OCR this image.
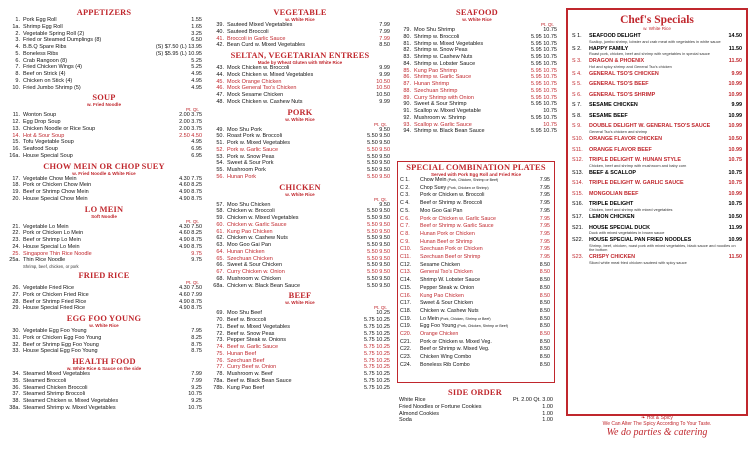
APPETIZERS
1. Pork Egg Roll	1.55
1a. Shrimp Egg Roll	1.65
2. Vegetable Spring Roll (2)	3.25
3. Fried or Steamed Dumplings (8)	6.50
4. B.B.Q Spare Ribs	(S) $7.50 (L) 13.95
5. Boneless Ribs	(S) $5.95 (L) 10.95
6. Crab Rangoon (8)	5.25
7. Fried Chicken Wings (4)	5.25
8. Beef on Strick (4)	4.95
9. Chicken on Stick (4)	4.95
10. Fried Jumbo Shrimp (5)	4.95
SOUP
w. Fried Noodle
Pt. Qt.
11. Wonton Soup	2.00 3.75
12. Egg Drop Soup	2.00 3.75
13. Chicken Noodle or Rice Soup	2.00 3.75
14. Hot & Sour Soup	2.50 4.50
15. Tofu Vegetable Soup	4.95
16. Seafood Soup	6.95
16a. House Special Soup	6.95
CHOW MEIN OR CHOP SUEY
w. Fried Noodle & White Rice
17. Vegetable Chow Mein	4.30 7.75
18. Pork or Chicken Chow Mein	4.60 8.25
19. Beef or Shrimp Chow Mein	4.90 8.75
20. House Special Chow Mein	4.90 8.75
LO MEIN
Soft Noodle
Pt. Qt.
21. Vegetable Lo Mein	4.30 7.50
22. Pork or Chicken Lo Mein	4.60 8.25
23. Beef or Shrimp Lo Mein	4.90 8.75
24. House Special Lo Mein	4.90 8.75
25. Singapore Thin Rice Noodle	9.75
25a. Thin Rice Noodle	9.75
Shrimp, beef, chicken, or pork
FRIED RICE
Pt. Qt.
26. Vegetable Fried Rice	4.30 7.50
27. Pork or Chicken Fried Rice	4.60 7.99
28. Beef or Shrimp Fried Rice	4.90 8.75
29. House Special Fried Rice	4.90 8.75
EGG FOO YOUNG
w. White Rice
30. Vegetable Egg Foo Young	7.95
31. Pork or Chicken Egg Foo Young	8.25
32. Beef or Shrimp Egg Foo Young	8.75
33. House Special Egg Foo Young	8.75
HEALTH FOOD
w. White Rice & Sauce on the side
34. Steamed Mixed Vegetables	7.99
35. Steamed Broccoli	7.99
36. Steamed Chicken Broccoli	9.25
37. Steamed Shrimp Broccoli	10.75
38. Steamed Chicken w. Mixed Vegetables	9.25
38a. Steamed Shrimp w. Mixed Vegetables	10.75
VEGETABLE
w. White Rice
39. Sauteed Mixed Vegetables	7.99
40. Sauteed Broccoli	7.99
41. Broccoli in Garlic Sauce	7.99
42. Bean Curd w. Mixed Vegetables	8.50
SELTAN, VEGETARIAN ENTREES
Made by Wheat Gluten with White Rice
43. Mock Chicken w. Broccoli	9.99
44. Mock Chicken w. Mixed Vegetables	9.99
45. Mock Orange Chicken	10.50
46. Mock General Tso's Chicken	10.50
47. Mock Sesame Chicken	10.50
48. Mock Chicken w. Cashew Nuts	9.99
PORK
w. White Rice
Pt. Qt.
49. Moo Shu Pork	9.50
50. Roast Pork w. Broccoli	5.50 9.50
51. Pork w. Mixed Vegetables	5.50 9.50
52. Pork w. Garlic Sauce	5.50 9.50
53. Pork w. Snow Peas	5.50 9.50
54. Sweet & Sour Pork	5.50 9.50
55. Mushroom Pork	5.50 9.50
56. Hunan Pork	5.50 9.50
CHICKEN
w. White Rice
Pt. Qt.
57. Moo Shu Chicken	9.50
58. Chicken w. Broccoli	5.50 9.50
59. Chicken w. Mixed Vegetables	5.50 9.50
60. Chicken w. Garlic Sauce	5.50 9.50
61. Kung Pao Chicken	5.50 9.50
62. Chicken w. Cashew Nuts	5.50 9.50
63. Moo Goo Gai Pan	5.50 9.50
64. Hunan Chicken	5.50 9.50
65. Szechuan Chicken	5.50 9.50
66. Sweet & Sour Chicken	5.50 9.50
67. Curry Chicken w. Onion	5.50 9.50
68. Mushroom w. Chicken	5.50 9.50
68a. Chicken w. Black Bean Sauce	5.50 9.50
BEEF
w. White Rice
Pt. Qt.
69. Moo Shu Beef	10.25
70. Beef w. Broccoli	5.75 10.25
71. Beef w. Mixed Vegetables	5.75 10.25
72. Beef w. Snow Peas	5.75 10.25
73. Pepper Steak w. Onions	5.75 10.25
74. Beef w. Garlic Sauce	5.75 10.25
75. Hunan Beef	5.75 10.25
76. Szechuan Beef	5.75 10.25
77. Curry Beef w. Onion	5.75 10.25
78. Mushroom w. Beef	5.75 10.25
78a. Beef w. Black Bean Sauce	5.75 10.25
78b. Kung Pao Beef	5.75 10.25
SEAFOOD
w. White Rice
Pt. Qt.
79. Moo Shu Shrimp	10.75
80. Shrimp w. Broccoli	5.95 10.75
81. Shrimp w. Mixed Vegetables	5.95 10.75
82. Shrimp w. Snow Peas	5.95 10.75
83. Shrimp w. Cashew Nuts	5.95 10.75
84. Shrimp w. Lobster Sauce	5.95 10.75
85. Kung Pao Shrimp	5.95 10.75
86. Shrimp w. Garlic Sauce	5.95 10.75
87. Hunan Shrimp	5.95 10.75
88. Szechuan Shrimp	5.95 10.75
89. Curry Shrimp with Onion	5.95 10.75
90. Sweet & Sour Shrimp	5.95 10.75
91. Scallop w. Mixed Vegetable	10.75
92. Mushroom w. Shrimp	5.95 10.75
93. Scallop w. Garlic Sauce	10.75
94. Shrimp w. Black Bean Sauce	5.95 10.75
SPECIAL COMBINATION PLATES
Served with Pork Egg Roll and Fried Rice
C 1.	Chow Mein (Pork, Chicken, Shrimp or Beef)	7.95
C 2.	Chop Suey (Pork, Chicken or Shrimp)	7.95
C 3.	Pork or Chicken w. Broccoli	7.95
C 4.	Beef or Shrimp w. Broccoli	7.95
C 5.	Moo Goo Gai Pan	7.95
C 6.	Pork or Chicken w. Garlic Sauce	7.95
C 7.	Beef or Shrimp w. Garlic Sauce	7.95
C 8.	Hunan Pork or Chicken	7.95
C 9.	Hunan Beef or Shrimp	7.95
C10.	Szechuan Pork or Chicken	7.95
C11.	Szechuan Beef or Shrimp	7.95
C12.	Sesame Chicken	8.50
C13.	General Tso's Chicken	8.50
C14.	Shrimp W. Lobster Sauce	8.50
C15.	Pepper Steak w. Onion	8.50
C16.	Kung Pao Chicken	8.50
C17.	Sweet & Sour Chicken	8.50
C18.	Chicken w. Cashew Nuts	8.50
C19.	Lo Mein (Pork, Chicken, Shrimp or Beef)	8.50
C19.	Egg Foo Young (Pork, Chicken, Shrimp or Beef)	8.50
C20.	Orange Chicken	8.50
C21.	Pork or Chicken w. Mixed Veg.	8.50
C22.	Beef or Shrimp w. Mixed Veg.	8.50
C23.	Chicken Wing Combo	8.50
C24.	Boneless Rib Combo	8.50
SIDE ORDER
White Rice	Pt. 2.00 Qt. 3.00
Fried Noodles or Fortune Cookies	1.00
Almond Cookies	1.00
Soda	1.00
Chef's Specials
w. White Rice
S 1.	SEAFOOD DELIGHT	14.50
Scallop, jumbo shrimp, lobster and crab meat with vegetables in white sauce
S 2.	HAPPY FAMILY	11.50
Roast pork, chicken, beef and shrimp with vegetables in special sauce
S 3.	DRAGON & PHOENIX	11.50
Hot and spicy shrimp and General Tso's chicken
S 4.	GENERAL TSO'S CHICKEN	9.99
S 5.	GENERAL TSO'S BEEF	10.99
S 6.	GENERAL TSO'S SHRIMP	10.99
S 7.	SESAME CHICKEN	9.99
S 8.	SESAME BEEF	10.99
S 9.	DOUBLE DELIGHT W. GENERAL TSO'S SAUCE	10.99
General Tso's chicken and shrimp
S10.	ORANGE FLAVOR CHICKEN	10.50
S11.	ORANGE FLAVOR BEEF	10.99
S12.	TRIPLE DELIGHT W. HUNAN STYLE	10.75
Chicken, beef and shrimp with mushroom and baby corn
S13.	BEEF & SCALLOP	10.75
S14.	TRIPLE DELIGHT W. GARLIC SAUCE	10.75
S15.	MONGOLIAN BEEF	10.99
S16.	TRIPLE DELIGHT	10.75
Chicken, beef and shrimp with mixed vegetables
S17.	LEMON CHICKEN	10.50
S21.	HOUSE SPECIAL DUCK	11.99
Duck with mixed vegetables in brown sauce
S22.	HOUSE SPECIAL PAN FRIED NOODLES	10.99
Shrimp, beef, chicken, roast pork with mixed vegetables, black sauce and noodles on the bottom
S23.	CRISPY CHICKEN	11.50
Sliced white meat fried chicken sauteed with spicy sauce
❧ Hot & Spicy
We Can Alter The Spicy According To Your Taste.
We do parties & catering
